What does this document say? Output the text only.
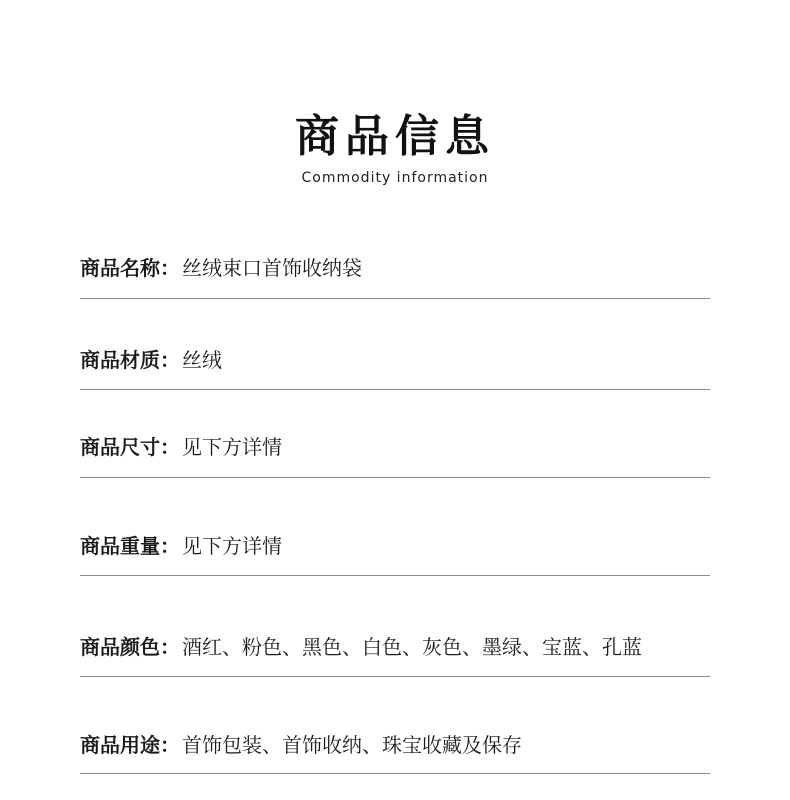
商品信息
Commodity information
商品名称： 丝绒束口首饰收纳袋
商品材质： 丝绒
商品尺寸： 见下方详情
商品重量： 见下方详情
商品颜色： 酒红、粉色、黑色、白色、灰色、墨绿、宝蓝、孔蓝
商品用途： 首饰包装、首饰收纳、珠宝收藏及保存
